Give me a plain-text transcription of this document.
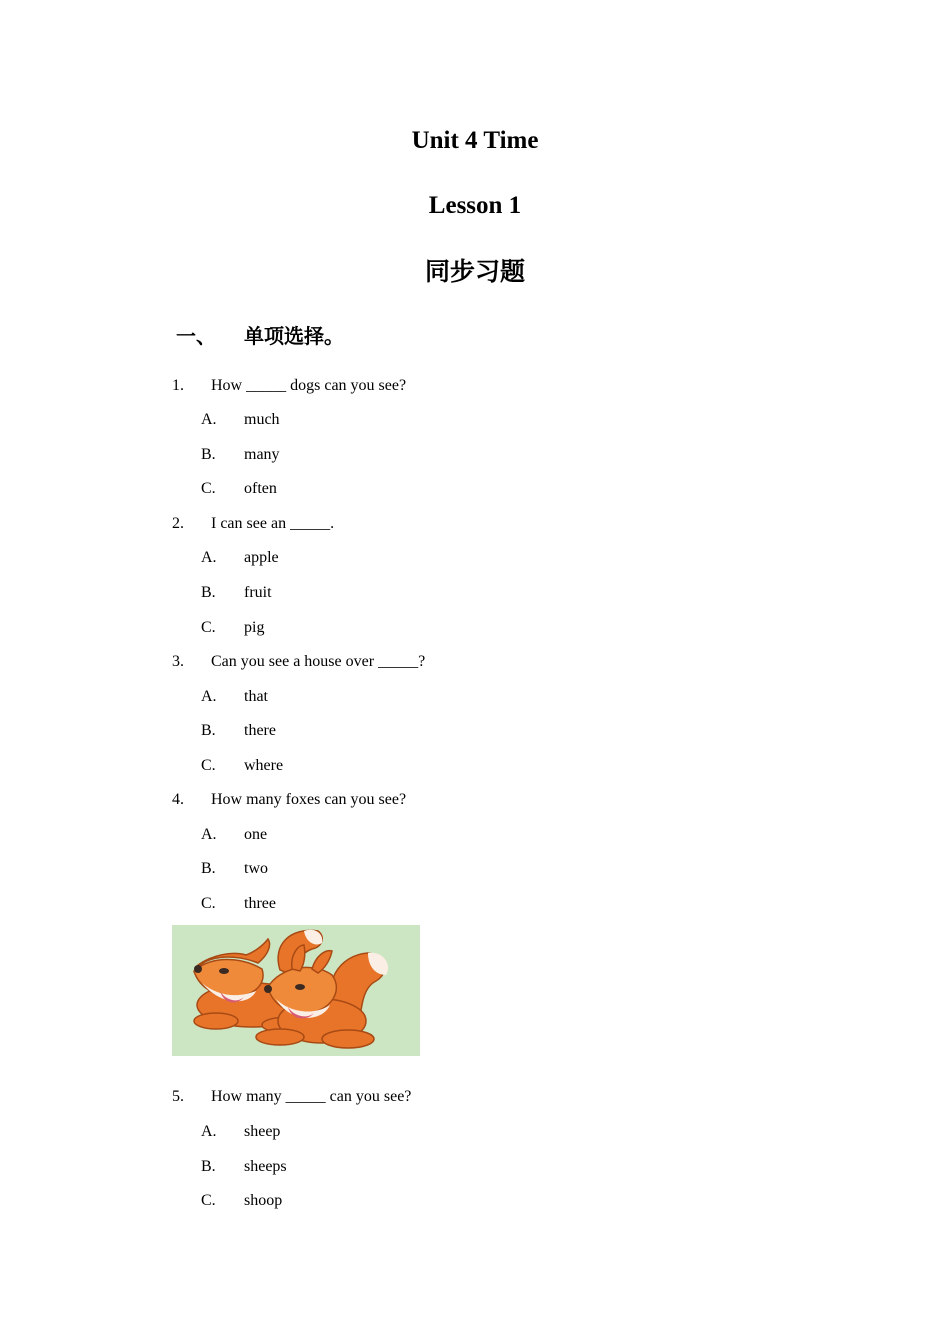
Unit 4 Time
Lesson 1
同步习题
一、 单项选择。
1. How _____ dogs can you see?
A. much
B. many
C. often
2. I can see an _____.
A. apple
B. fruit
C. pig
3. Can you see a house over _____?
A. that
B. there
C. where
4. How many foxes can you see?
A. one
B. two
C. three
5. How many _____ can you see?
A. sheep
B. sheeps
C. shoop
